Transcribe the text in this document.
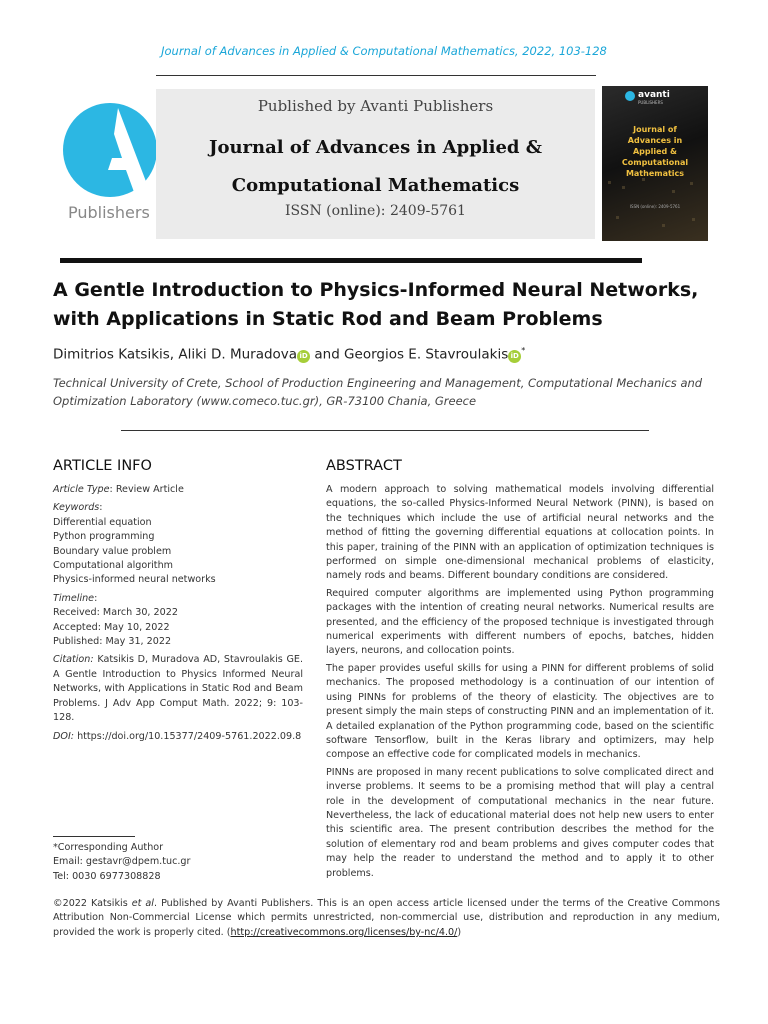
Journal of Advances in Applied & Computational Mathematics, 2022, 103-128
Publishers
Published by Avanti Publishers
Journal of Advances in Applied &
Computational Mathematics
ISSN (online): 2409-5761
avanti
PUBLISHERS
Journal of Advances in Applied & Computational Mathematics
ISSN (online): 2409-5761
A Gentle Introduction to Physics-Informed Neural Networks, with Applications in Static Rod and Beam Problems
Dimitrios Katsikis, Aliki D. Muradova iD and Georgios E. Stavroulakis iD*
Technical University of Crete, School of Production Engineering and Management, Computational Mechanics and Optimization Laboratory (www.comeco.tuc.gr), GR-73100 Chania, Greece
ARTICLE INFO	ABSTRACT
Article Type: Review Article
Keywords:
Differential equation
Python programming
Boundary value problem
Computational algorithm
Physics-informed neural networks
Timeline:
Received: March 30, 2022
Accepted: May 10, 2022
Published: May 31, 2022
Citation: Katsikis D, Muradova AD, Stavroulakis GE. A Gentle Introduction to Physics Informed Neural Networks, with Applications in Static Rod and Beam Problems. J Adv App Comput Math. 2022; 9: 103-128.
DOI: https://doi.org/10.15377/2409-5761.2022.09.8

A modern approach to solving mathematical models involving differential equations, the so-called Physics-Informed Neural Network (PINN), is based on the techniques which include the use of artificial neural networks and the method of fitting the governing differential equations at collocation points. In this paper, training of the PINN with an application of optimization techniques is performed on simple one-dimensional mechanical problems of elasticity, namely rods and beams. Different boundary conditions are considered.

Required computer algorithms are implemented using Python programming packages with the intention of creating neural networks. Numerical results are presented, and the efficiency of the proposed technique is investigated through numerical experiments with different numbers of epochs, batches, hidden layers, neurons, and collocation points.

The paper provides useful skills for using a PINN for different problems of solid mechanics. The proposed methodology is a continuation of our intention of using PINNs for problems of the theory of elasticity. The objectives are to present simply the main steps of constructing PINN and an implementation of it. A detailed explanation of the Python programming code, based on the scientific software Tensorflow, built in the Keras library and optimizers, may help compose an effective code for complicated models in mechanics.

PINNs are proposed in many recent publications to solve complicated direct and inverse problems. It seems to be a promising method that will play a central role in the development of computational mechanics in the near future. Nevertheless, the lack of educational material does not help new users to enter this scientific area. The present contribution describes the method for the solution of elementary rod and beam problems and gives computer codes that may help the reader to understand the method and to apply it to other problems.

*Corresponding Author
Email: gestavr@dpem.tuc.gr
Tel: 0030 6977308828
©2022 Katsikis et al. Published by Avanti Publishers. This is an open access article licensed under the terms of the Creative Commons Attribution Non-Commercial License which permits unrestricted, non-commercial use, distribution and reproduction in any medium, provided the work is properly cited. (http://creativecommons.org/licenses/by-nc/4.0/)
